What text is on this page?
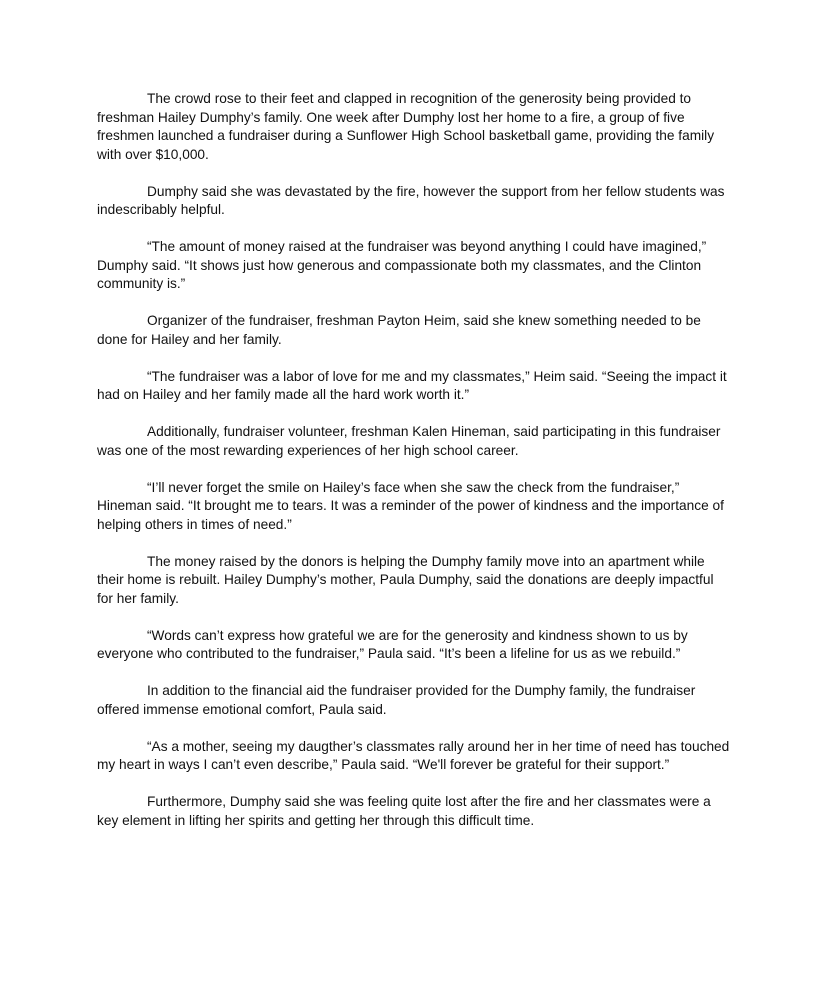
The crowd rose to their feet and clapped in recognition of the generosity being provided to freshman Hailey Dumphy’s family. One week after Dumphy lost her home to a fire, a group of five freshmen launched a fundraiser during a Sunflower High School basketball game, providing the family with over $10,000.

Dumphy said she was devastated by the fire, however the support from her fellow students was indescribably helpful.

“The amount of money raised at the fundraiser was beyond anything I could have imagined,” Dumphy said. “It shows just how generous and compassionate both my classmates, and the Clinton community is.”

Organizer of the fundraiser, freshman Payton Heim, said she knew something needed to be done for Hailey and her family.

“The fundraiser was a labor of love for me and my classmates,” Heim said. “Seeing the impact it had on Hailey and her family made all the hard work worth it.”

Additionally, fundraiser volunteer, freshman Kalen Hineman, said participating in this fundraiser was one of the most rewarding experiences of her high school career.

“I’ll never forget the smile on Hailey’s face when she saw the check from the fundraiser,” Hineman said. “It brought me to tears. It was a reminder of the power of kindness and the importance of helping others in times of need.”

The money raised by the donors is helping the Dumphy family move into an apartment while their home is rebuilt. Hailey Dumphy’s mother, Paula Dumphy, said the donations are deeply impactful for her family.

“Words can’t express how grateful we are for the generosity and kindness shown to us by everyone who contributed to the fundraiser,” Paula said. “It’s been a lifeline for us as we rebuild.”

In addition to the financial aid the fundraiser provided for the Dumphy family, the fundraiser offered immense emotional comfort, Paula said.

“As a mother, seeing my daugther’s classmates rally around her in her time of need has touched my heart in ways I can’t even describe,” Paula said. “We'll forever be grateful for their support.”

Furthermore, Dumphy said she was feeling quite lost after the fire and her classmates were a key element in lifting her spirits and getting her through this difficult time.
